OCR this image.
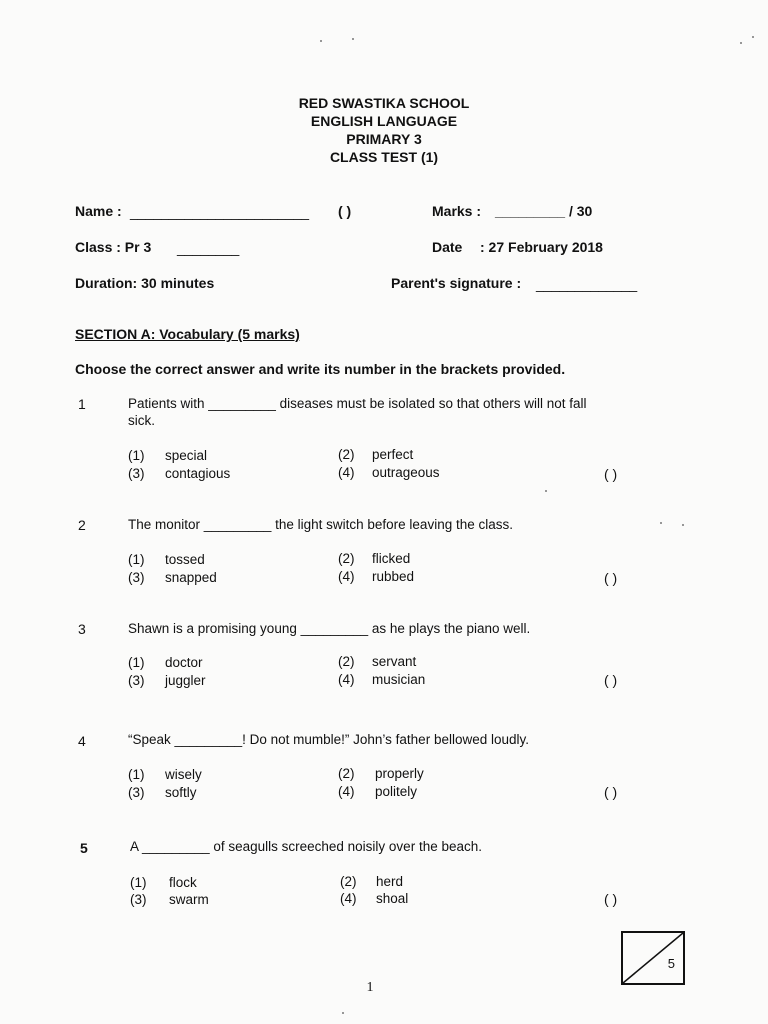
RED SWASTIKA SCHOOL
ENGLISH LANGUAGE
PRIMARY 3
CLASS TEST (1)
Name : _______________________ ( )	Marks : _________ / 30
Class : Pr 3 ________	Date : 27 February 2018
Duration: 30 minutes	Parent's signature : _____________
SECTION A: Vocabulary (5 marks)
Choose the correct answer and write its number in the brackets provided.
1	Patients with _________ diseases must be isolated so that others will not fall
sick.
(1) special	(2) perfect
(3) contagious	(4) outrageous	( )
2	The monitor _________ the light switch before leaving the class.
(1) tossed	(2) flicked
(3) snapped	(4) rubbed	( )
3	Shawn is a promising young _________ as he plays the piano well.
(1) doctor	(2) servant
(3) juggler	(4) musician	( )
4	“Speak _________! Do not mumble!” John’s father bellowed loudly.
(1) wisely	(2) properly
(3) softly	(4) politely	( )
5	A _________ of seagulls screeched noisily over the beach.
(1) flock	(2) herd
(3) swarm	(4) shoal	( )
5
1
